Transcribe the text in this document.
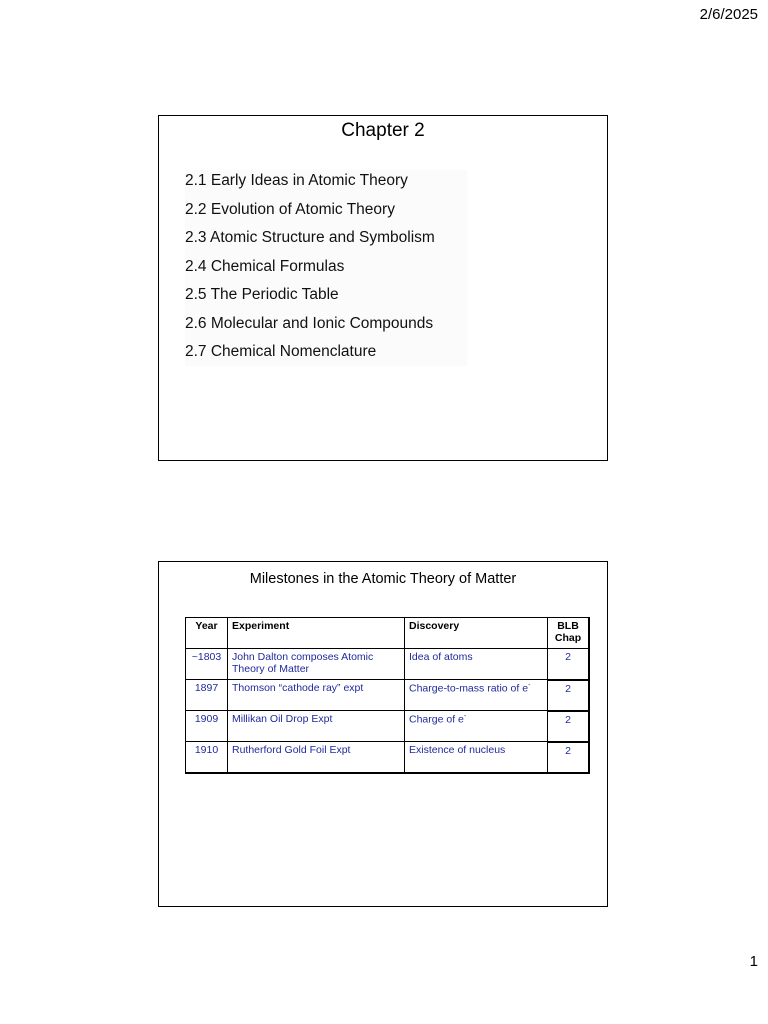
2/6/2025
Chapter 2
2.1 Early Ideas in Atomic Theory
2.2 Evolution of Atomic Theory
2.3 Atomic Structure and Symbolism
2.4 Chemical Formulas
2.5 The Periodic Table
2.6 Molecular and Ionic Compounds
2.7 Chemical Nomenclature
Milestones in the Atomic Theory of Matter
Year	Experiment	Discovery	BLB Chap
~1803	John Dalton composes Atomic Theory of Matter	Idea of atoms	2
1897	Thomson “cathode ray” expt	Charge-to-mass ratio of e-	2
1909	Millikan Oil Drop Expt	Charge of e-	2
1910	Rutherford Gold Foil Expt	Existence of nucleus	2
1
